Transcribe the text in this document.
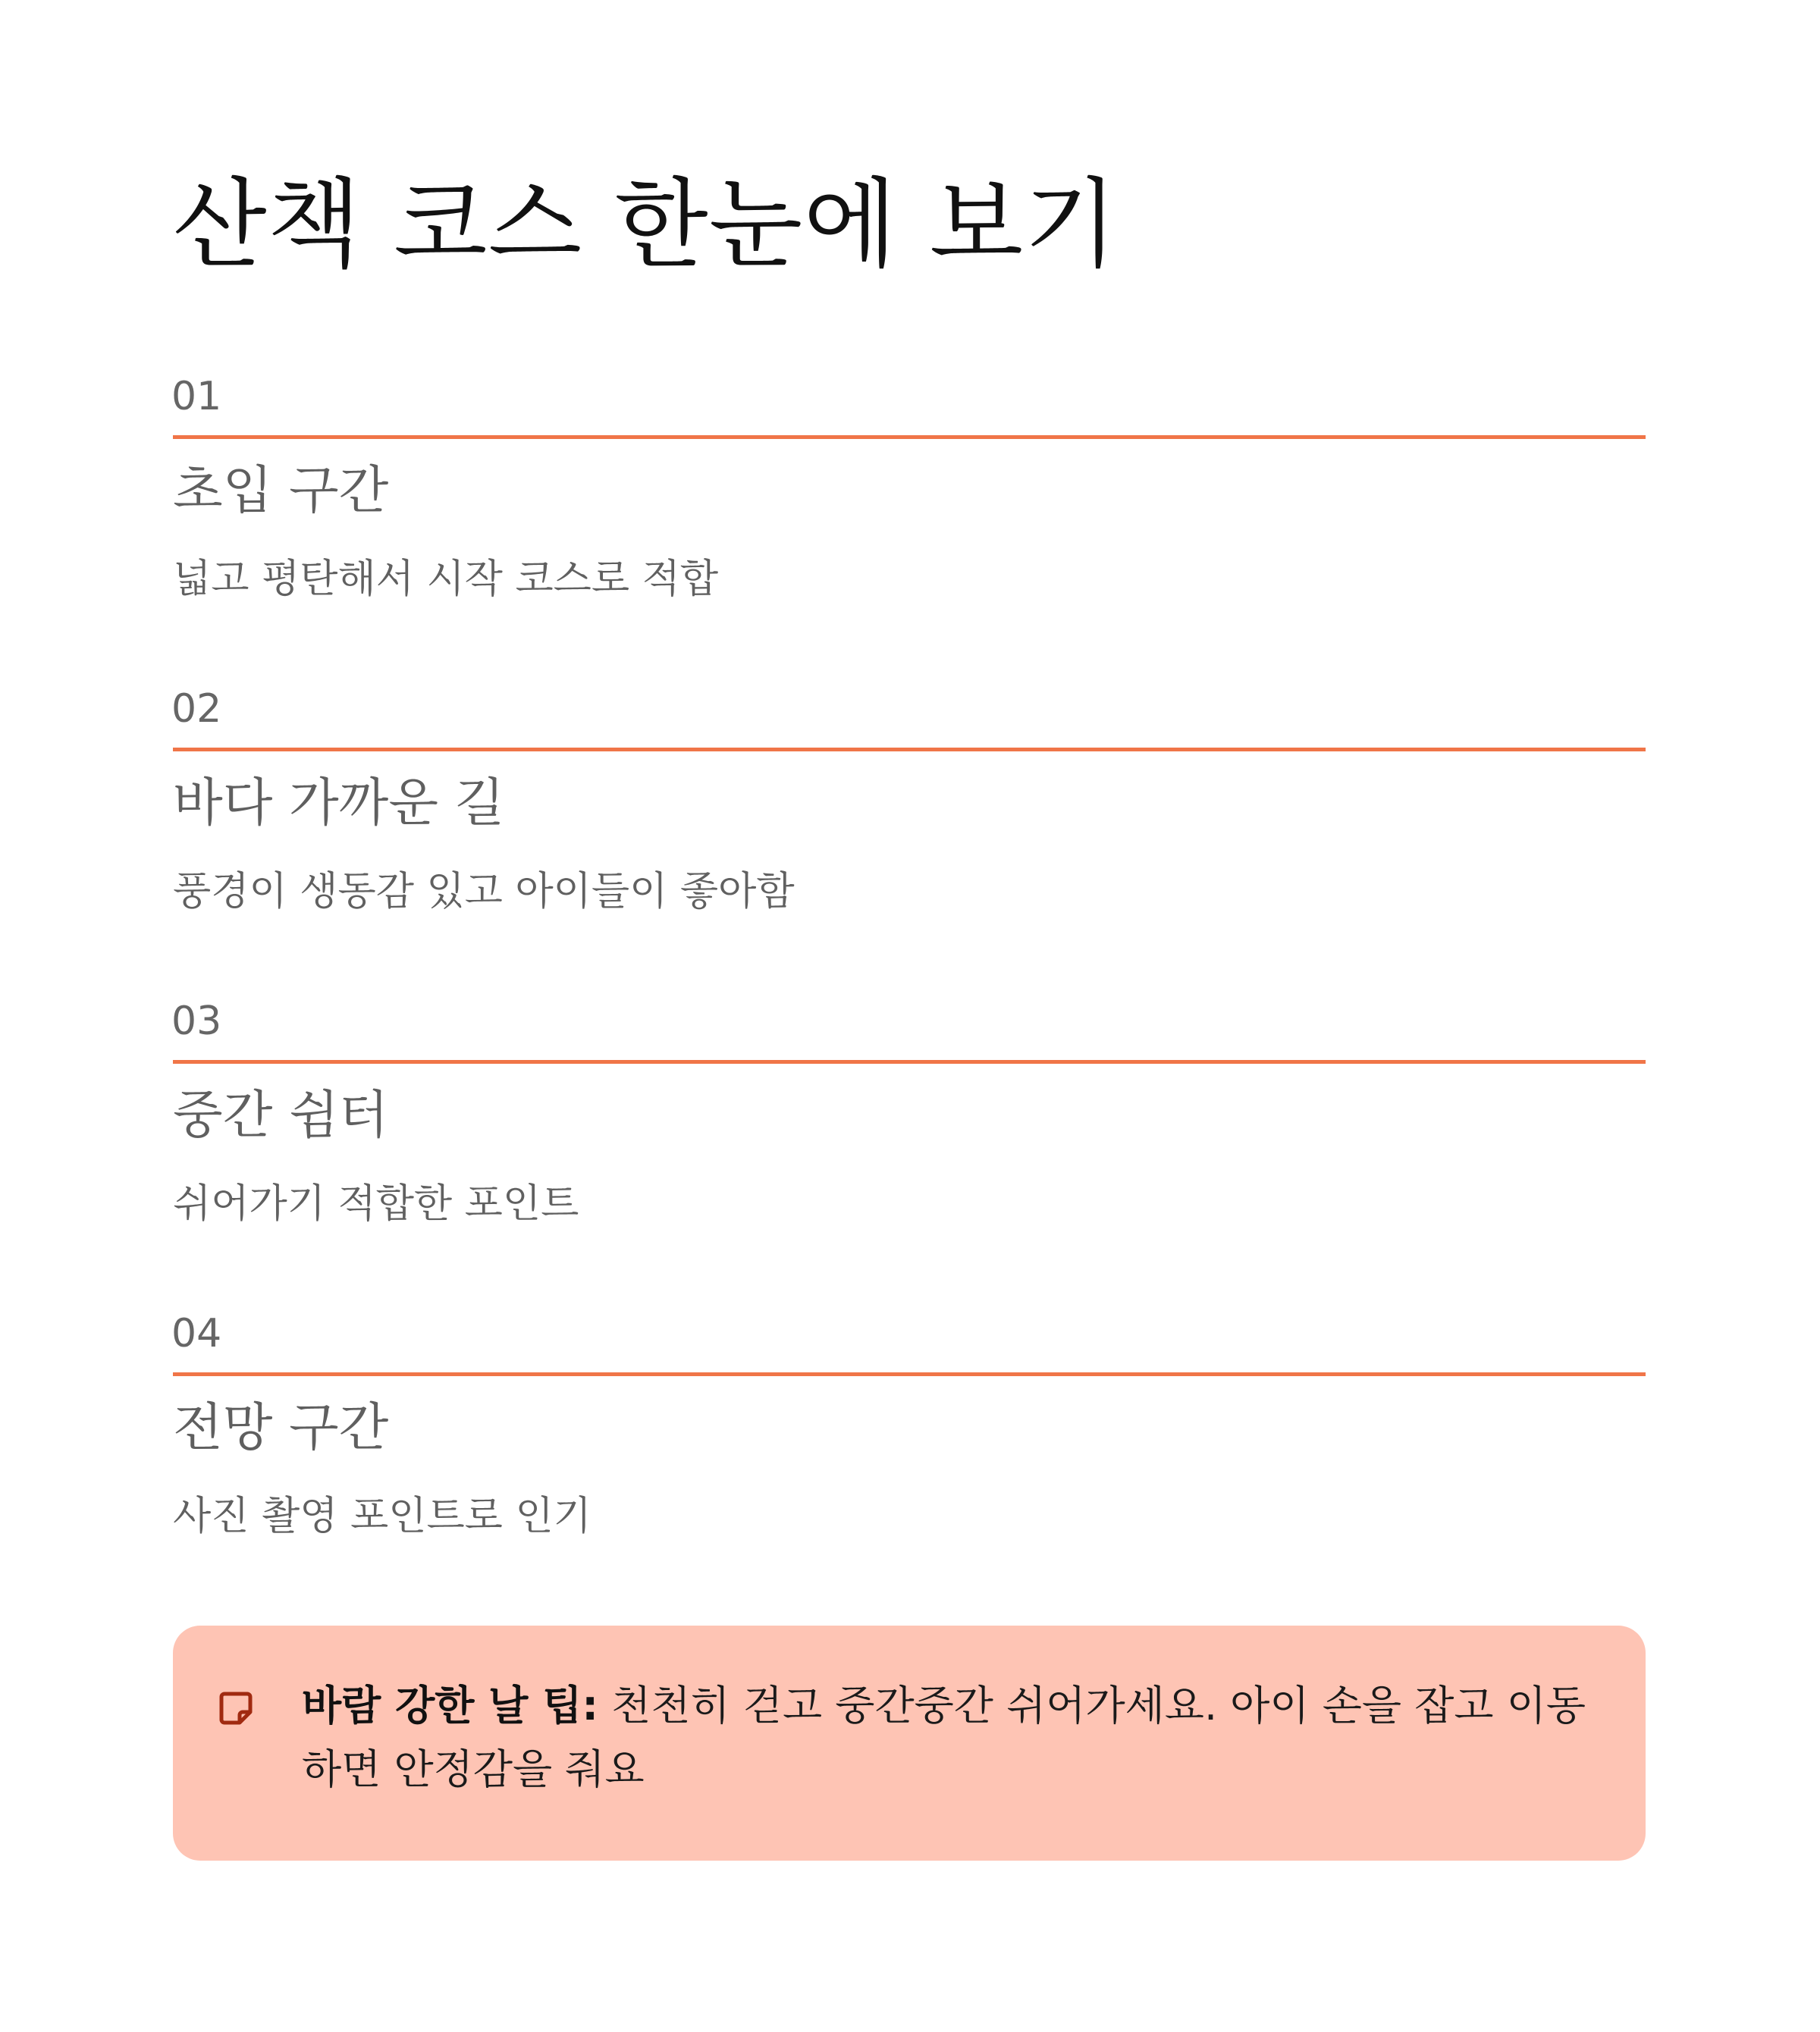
산책 코스 한눈에 보기
01
초입 구간

넓고 평탄해서 시작 코스로 적합

02
바다 가까운 길

풍경이 생동감 있고 아이들이 좋아함

03
중간 쉼터

쉬어가기 적합한 포인트

04
전망 구간

사진 촬영 포인트로 인기

바람 강한 날 팁: 천천히 걷고 중간중간 쉬어가세요. 아이 손을 잡고 이동하면 안정감을 줘요
